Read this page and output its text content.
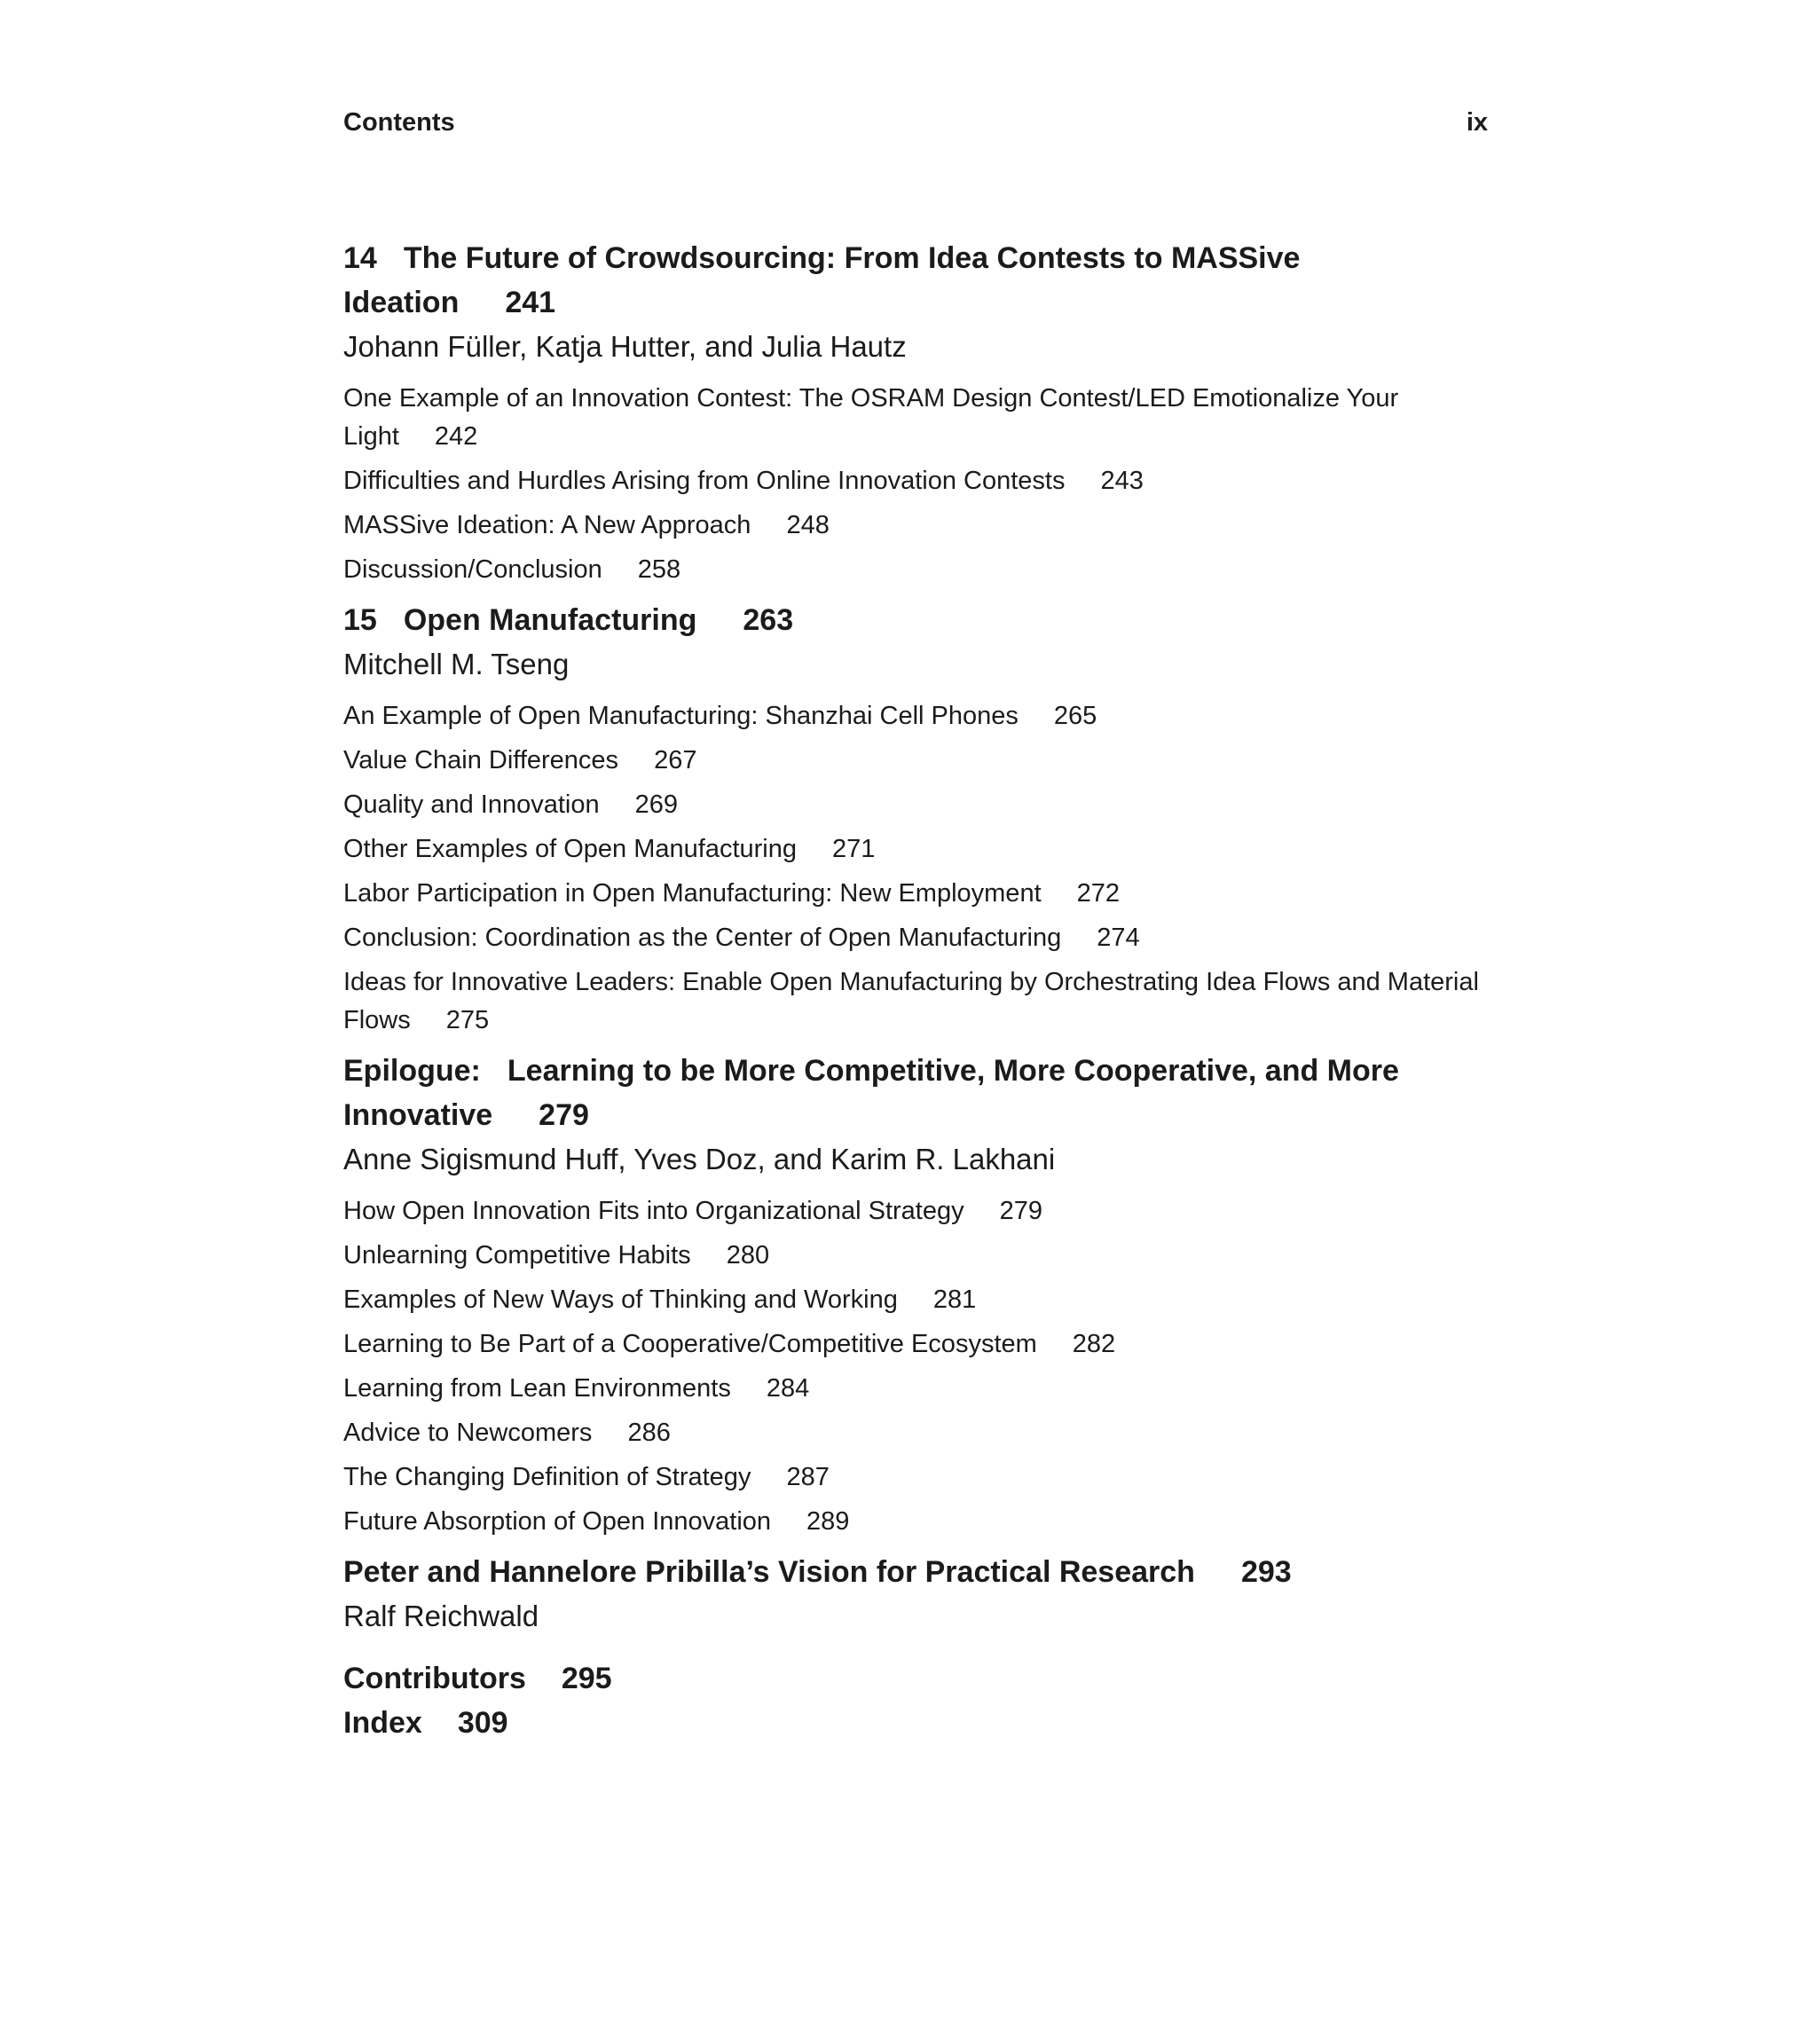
Contents	ix

14 The Future of Crowdsourcing: From Idea Contests to MASSive Ideation 241

Johann Füller, Katja Hutter, and Julia Hautz

One Example of an Innovation Contest: The OSRAM Design Contest/LED Emotionalize Your Light 242
Difficulties and Hurdles Arising from Online Innovation Contests 243
MASSive Ideation: A New Approach 248
Discussion/Conclusion 258

15 Open Manufacturing 263

Mitchell M. Tseng

An Example of Open Manufacturing: Shanzhai Cell Phones 265
Value Chain Differences 267
Quality and Innovation 269
Other Examples of Open Manufacturing 271
Labor Participation in Open Manufacturing: New Employment 272
Conclusion: Coordination as the Center of Open Manufacturing 274
Ideas for Innovative Leaders: Enable Open Manufacturing by Orchestrating Idea Flows and Material Flows 275

Epilogue: Learning to be More Competitive, More Cooperative, and More Innovative 279

Anne Sigismund Huff, Yves Doz, and Karim R. Lakhani

How Open Innovation Fits into Organizational Strategy 279
Unlearning Competitive Habits 280
Examples of New Ways of Thinking and Working 281
Learning to Be Part of a Cooperative/Competitive Ecosystem 282
Learning from Lean Environments 284
Advice to Newcomers 286
The Changing Definition of Strategy 287
Future Absorption of Open Innovation 289

Peter and Hannelore Pribilla’s Vision for Practical Research 293

Ralf Reichwald

Contributors 295

Index 309
